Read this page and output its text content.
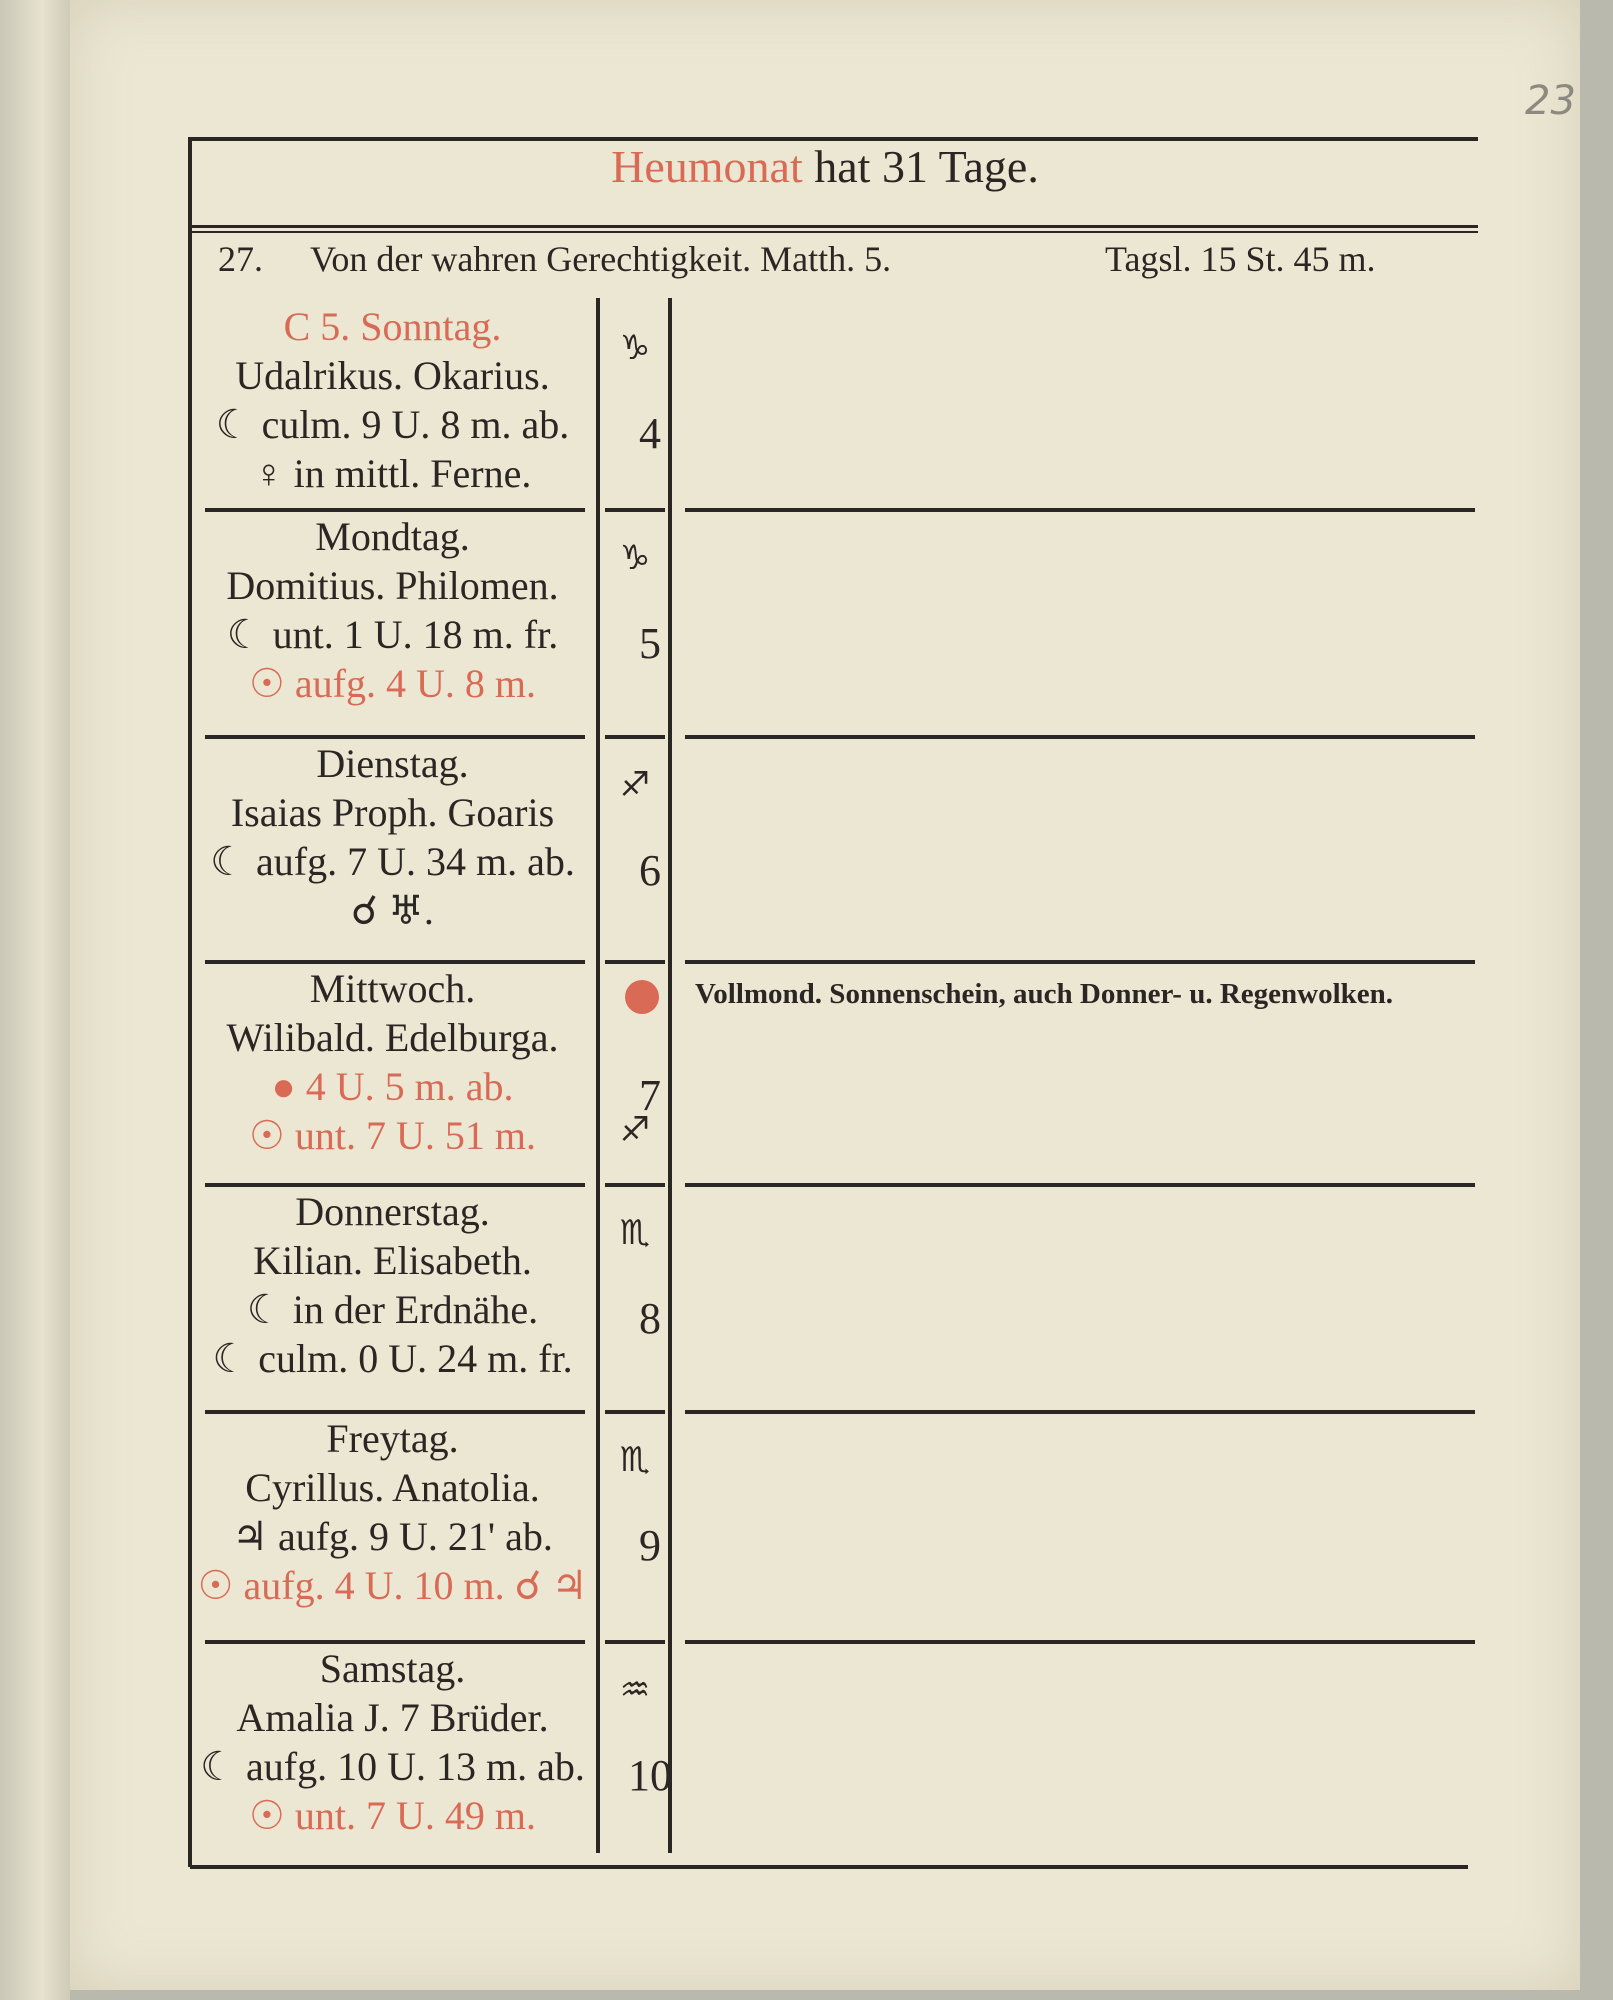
23
Heumonat hat 31 Tage.
27. Von der wahren Gerechtigkeit. Matth. 5.	Tagsl. 15 St. 45 m.
C 5. Sonntag.
Udalrikus. Okarius.
☾ culm. 9 U. 8 m. ab.
♀ in mittl. Ferne.
♑
4
Mondtag.
Domitius. Philomen.
☾ unt. 1 U. 18 m. fr.
☉ aufg. 4 U. 8 m.
♑
5
Dienstag.
Isaias Proph. Goaris
☾ aufg. 7 U. 34 m. ab.
☌ ♅.
♐
6
Mittwoch.
Wilibald. Edelburga.
● 4 U. 5 m. ab.
☉ unt. 7 U. 51 m.	♐
7
Vollmond. Sonnenschein, auch Donner- u. Regenwolken.
Donnerstag.
Kilian. Elisabeth.
☾ in der Erdnähe.
☾ culm. 0 U. 24 m. fr.
♏
8
Freytag.
Cyrillus. Anatolia.
♃ aufg. 9 U. 21' ab.
☉ aufg. 4 U. 10 m. ☌ ♃
♏
9
Samstag.
Amalia J. 7 Brüder.
☾ aufg. 10 U. 13 m. ab.
☉ unt. 7 U. 49 m.
♒
10
